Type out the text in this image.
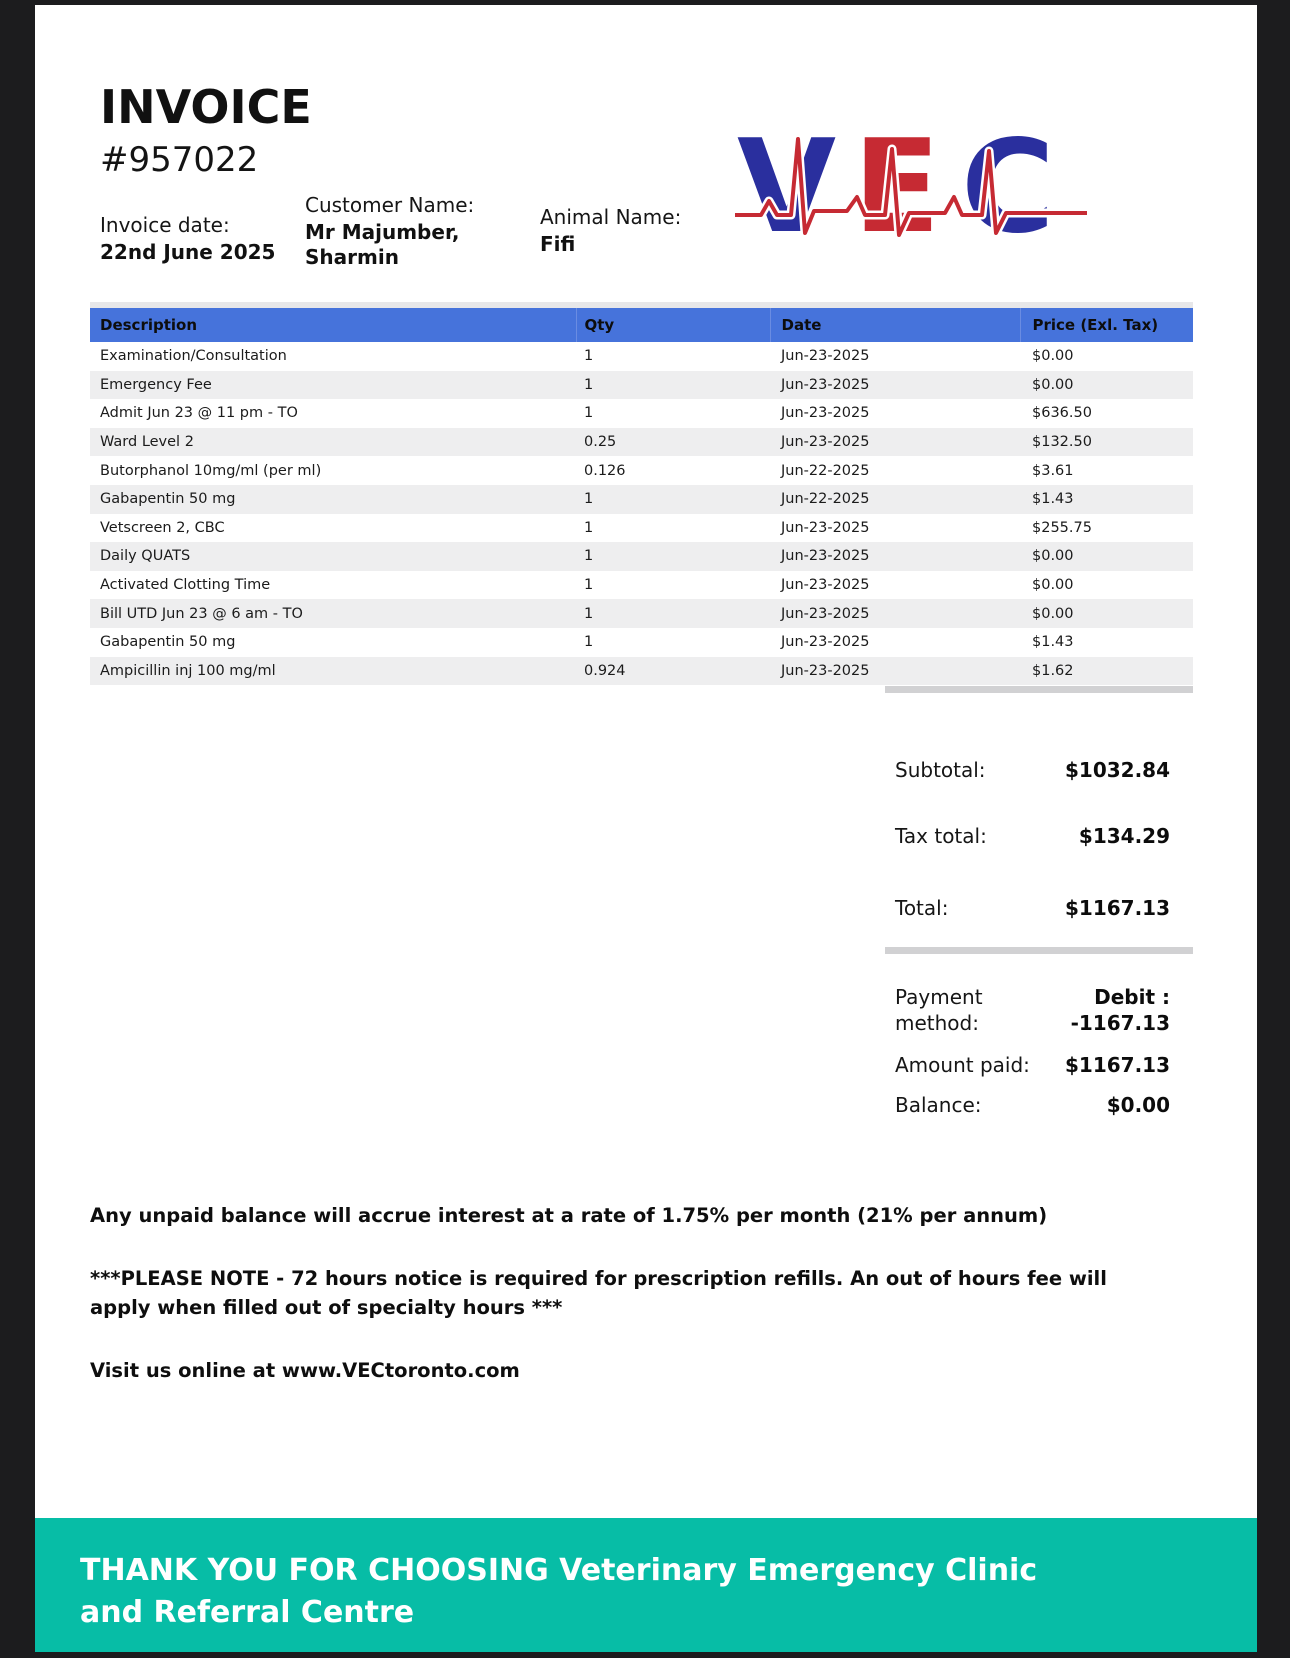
INVOICE
#957022	V E C
Invoice date:
22nd June 2025
Customer Name:
Mr Majumber, Sharmin
Animal Name:
Fifi
Description	Qty	Date	Price (Exl. Tax)
Examination/Consultation	1	Jun-23-2025	$0.00
Emergency Fee	1	Jun-23-2025	$0.00
Admit Jun 23 @ 11 pm - TO	1	Jun-23-2025	$636.50
Ward Level 2	0.25	Jun-23-2025	$132.50
Butorphanol 10mg/ml (per ml)	0.126	Jun-22-2025	$3.61
Gabapentin 50 mg	1	Jun-22-2025	$1.43
Vetscreen 2, CBC	1	Jun-23-2025	$255.75
Daily QUATS	1	Jun-23-2025	$0.00
Activated Clotting Time	1	Jun-23-2025	$0.00
Bill UTD Jun 23 @ 6 am - TO	1	Jun-23-2025	$0.00
Gabapentin 50 mg	1	Jun-23-2025	$1.43
Ampicillin inj 100 mg/ml	0.924	Jun-23-2025	$1.62
Subtotal:	$1032.84
Tax total:	$134.29
Total:	$1167.13
Payment method:
Debit :
-1167.13
Amount paid: $1167.13
Balance:	$0.00

Any unpaid balance will accrue interest at a rate of 1.75% per month (21% per annum)

***PLEASE NOTE - 72 hours notice is required for prescription refills. An out of hours fee will apply when filled out of specialty hours ***

Visit us online at www.VECtoronto.com

THANK YOU FOR CHOOSING Veterinary Emergency Clinic and Referral Centre
